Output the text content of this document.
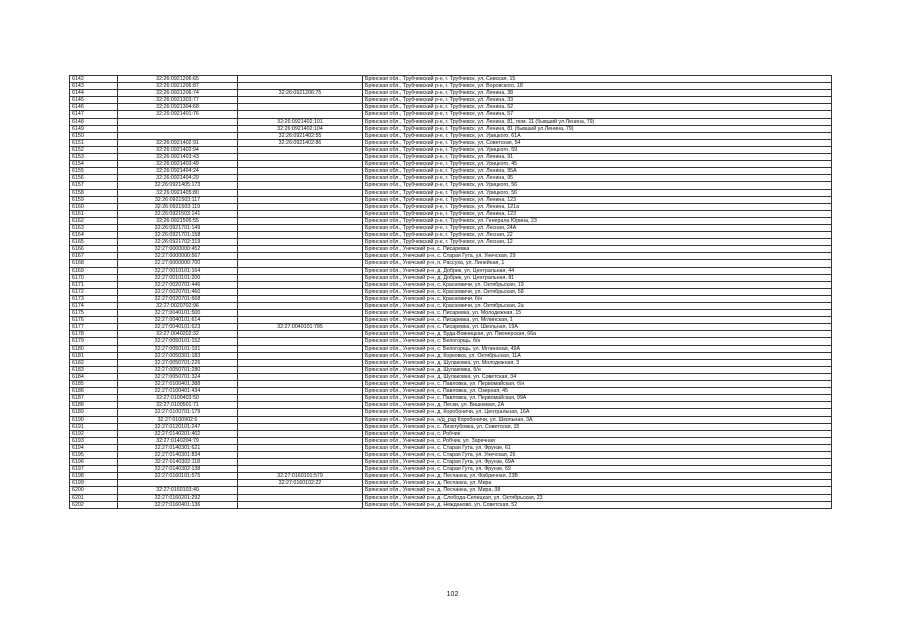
6142	32:26:0921206:65		Брянская обл., Трубчевский р-н, г. Трубчевск, ул. Севская, 15
6143	32:26:0921206:87		Брянская обл., Трубчевский р-н, г. Трубчевск, ул. Воровского, 18
6144	32:26:0921206:74	32:26:0921206:75	Брянская обл., Трубчевский р-н, г. Трубчевск, ул. Ленина, 38
6145	32:26:0921303:77		Брянская обл., Трубчевский р-н, г. Трубчевск, ул. Ленина, 33
6146	32:26:0921304:68		Брянская обл., Трубчевский р-н, г. Трубчевск, ул. Ленина, 52
6147	32:26:0921401:76		Брянская обл., Трубчевский р-н, г. Трубчевск, ул. Ленина, 57
6148		32:26:0921402:101	Брянская обл., Трубчевский р-н, г. Трубчевск, ул. Ленина, 81, пом. 11 (бывший ул.Ленина, 79)
6149		32:26:0921402:104	Брянская обл., Трубчевский р-н, г. Трубчевск, ул. Ленина, 81 (бывший ул.Ленина, 79)
6150		32:26:0921402:55	Брянская обл., Трубчевский р-н, г. Трубчевск, ул. Урицкого, 61А
6151	32:26:0921402:91	32:26:0921402:86	Брянская обл., Трубчевский р-н, г. Трубчевск, ул. Советская, 54
6152	32:26:0921402:94		Брянская обл., Трубчевский р-н, г. Трубчевск, ул. Урицкого, 59
6153	32:26:0921403:43		Брянская обл., Трубчевский р-н, г. Трубчевск, ул. Ленина, 91
6154	32:26:0921403:49		Брянская обл., Трубчевский р-н, г. Трубчевск, ул. Урицкого, 45
6155	32:26:0921404:24		Брянская обл., Трубчевский р-н, г. Трубчевск, ул. Ленина, 95А
6156	32:26:0921404:29		Брянская обл., Трубчевский р-н, г. Трубчевск, ул. Ленина, 95
6157	32:26:0921405:173		Брянская обл., Трубчевский р-н, г. Трубчевск, ул. Урицкого, 56
6158	32:26:0921405:80		Брянская обл., Трубчевский р-н, г. Трубчевск, ул. Урицкого, 56
6159	32:26:0921503:117		Брянская обл., Трубчевский р-н, г. Трубчевск, ул. Ленина, 123
6160	32:26:0921503:119		Брянская обл., Трубчевский р-н, г. Трубчевск, ул. Ленина, 121а
6161	32:26:0921503:141		Брянская обл., Трубчевский р-н, г. Трубчевск, ул. Ленина, 123
6162	32:26:0921505:55		Брянская обл., Трубчевский р-н, г. Трубчевск, ул. Генерала Юрина, 23
6163	32:26:0921701:149		Брянская обл., Трубчевский р-н, г. Трубчевск, ул. Лесная, 24А
6164	32:26:0921701:158		Брянская обл., Трубчевский р-н, г. Трубчевск, ул. Лесная, 22
6165	32:26:0921702:319		Брянская обл., Трубчевский р-н, г. Трубчевск, ул. Лесная, 12
6166	32:27:0000000:452		Брянская обл., Унечский р-н, с. Писаревка
6167	32:27:0000000:567		Брянская обл., Унечский р-н, с. Старая Гута, ул. Унечская, 29
6168	32:27:0000000:700		Брянская обл., Унечский р-н, п. Рассуха, ул. Линейная, 1
6169	32:27:0010101:164		Брянская обл., Унечский р-н, д. Добрик, ул. Центральная, 44
6170	32:27:0010101:200		Брянская обл., Унечский р-н, д. Добрик, ул. Центральная, 81
6171	32:27:0020701:446		Брянская обл., Унечский р-н, с. Красновичи, ул. Октябрьская, 19
6172	32:27:0020701:460		Брянская обл., Унечский р-н, с. Красновичи, ул. Октябрьская, 58
6173	32:27:0020701:668		Брянская обл., Унечский р-н, с. Красновичи, б/н
6174	32:27:0020702:96		Брянская обл., Унечский р-н, с. Красновичи, ул. Октябрьская, 2а
6175	32:27:0040101:500		Брянская обл., Унечский р-н, с. Писаревка, ул. Молодежная, 15
6176	32:27:0040101:614		Брянская обл., Унечский р-н, с. Писаревка, ул. Мглинская, 1
6177	32:27:0040101:623	32:27:0040101:795	Брянская обл., Унечский р-н, с. Писаревка, ул. Школьная, 19А
6178	32:27:0040202:32		Брянская обл., Унечский р-н, д. Буда-Вовницкая, ул. Пионерская, 66а
6179	32:27:0050101:152		Брянская обл., Унечский р-н, с. Белогорщь, б/н
6180	32:27:0050101:191		Брянская обл., Унечский р-н, с. Белогорщь, ул. Мглинская, 49А
6181	32:27:0050301:183		Брянская обл., Унечский р-н, д. Корковка, ул. Октябрьская, 11А
6182	32:27:0050701:226		Брянская обл., Унечский р-н, д. Шулаковка, ул. Молодежная, 3
6183	32:27:0050701:280		Брянская обл., Унечский р-н, д. Шулаковка, б/н
6184	32:27:0050701:324		Брянская обл., Унечский р-н, д. Шулаковка, ул. Советская, 34
6185	32:27:0100401:388		Брянская обл., Унечский р-н, с. Павловка, ул. Первомайская, б/н
6186	32:27:0100401:434		Брянская обл., Унечский р-н, с. Павловка, ул. Озерная, 45
6187	32:27:0100403:50		Брянская обл., Унечский р-н, с. Павловка, ул. Первомайская, 99А
6188	32:27:0100501:71		Брянская обл., Унечский р-н, д. Пески, ул. Вишневая, 2А
6189	32:27:0100701:179		Брянская обл., Унечский р-н, д. Коробоничи, ул. Центральная, 16А
6190	32:27:0100902:6		Брянская обл., Унечский р-н, н/д_рзд Коробоничи, ул. Школьная, 3А
6191	32:27:0120101:247		Брянская обл., Унечский р-н, с. Лизогубовка, ул. Советская, 15
6192	32:27:0140201:402		Брянская обл., Унечский р-н, с. Робчик
6193	32:27:0140204:79		Брянская обл., Унечский р-н, с. Робчик, ул. Заречная
6194	32:27:0140301:621		Брянская обл., Унечский р-н, с. Старая Гута, ул. Фрунзе, 61
6195	32:27:0140301:834		Брянская обл., Унечский р-н, с. Старая Гута, ул. Унечская, 26
6196	32:27:0140302:118		Брянская обл., Унечский р-н, с. Старая Гута, ул. Фрунзе, 69А
6197	32:27:0140302:138		Брянская обл., Унечский р-н, с. Старая Гута, ул. Фрунзе, 59
6198	32:27:0160101:575	32:27:0160101:579	Брянская обл., Унечский р-н, д. Песчанка, ул. Фабричная, 23В
6199		32:27:0160102:22	Брянская обл., Унечский р-н, д. Песчанка, ул. Мира
6200	32:27:0160103:40		Брянская обл., Унечский р-н, д. Песчанка, ул. Мира, 38
6201	32:27:0160201:292		Брянская обл., Унечский р-н, д. Слобода-Селецкая, ул. Октябрьская, 23
6202	32:27:0160401:136		Брянская обл., Унечский р-н, д. Неждановo, ул. Советская, 52
102
